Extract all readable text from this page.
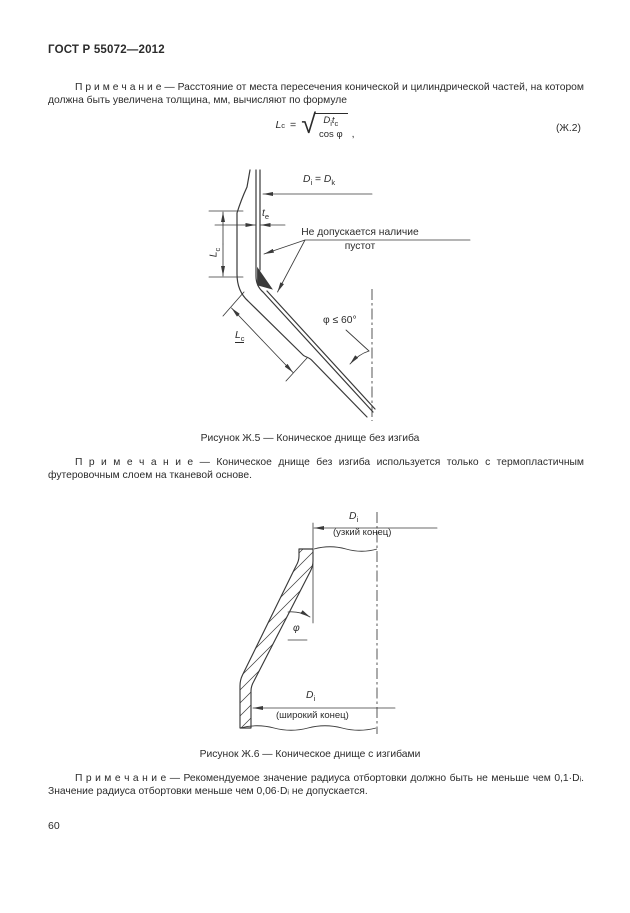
ГОСТ Р 55072—2012
П р и м е ч а н и е — Расстояние от места пересечения конической и цилиндрической частей, на котором должна быть увеличена толщина, мм, вычисляют по формуле
L c = √ $D_it_c$
cos φ ,	(Ж.2)
$D_i = D_k$
$t_e$
$L_c$
Не допускается наличие
пустот
$L_c$
φ ≤ 60°
Рисунок Ж.5 — Коническое днище без изгиба
П р и м е ч а н и е — Коническое днище без изгиба используется только с термопластичным футеровочным слоем на тканевой основе.
$D_i$
(узкий конец)
φ
$D_i$
(широкий конец)
Рисунок Ж.6 — Коническое днище с изгибами
П р и м е ч а н и е — Рекомендуемое значение радиуса отбортовки должно быть не меньше чем 0,1·Dᵢ. Значение радиуса отбортовки меньше чем 0,06·Dᵢ не допускается.
60
